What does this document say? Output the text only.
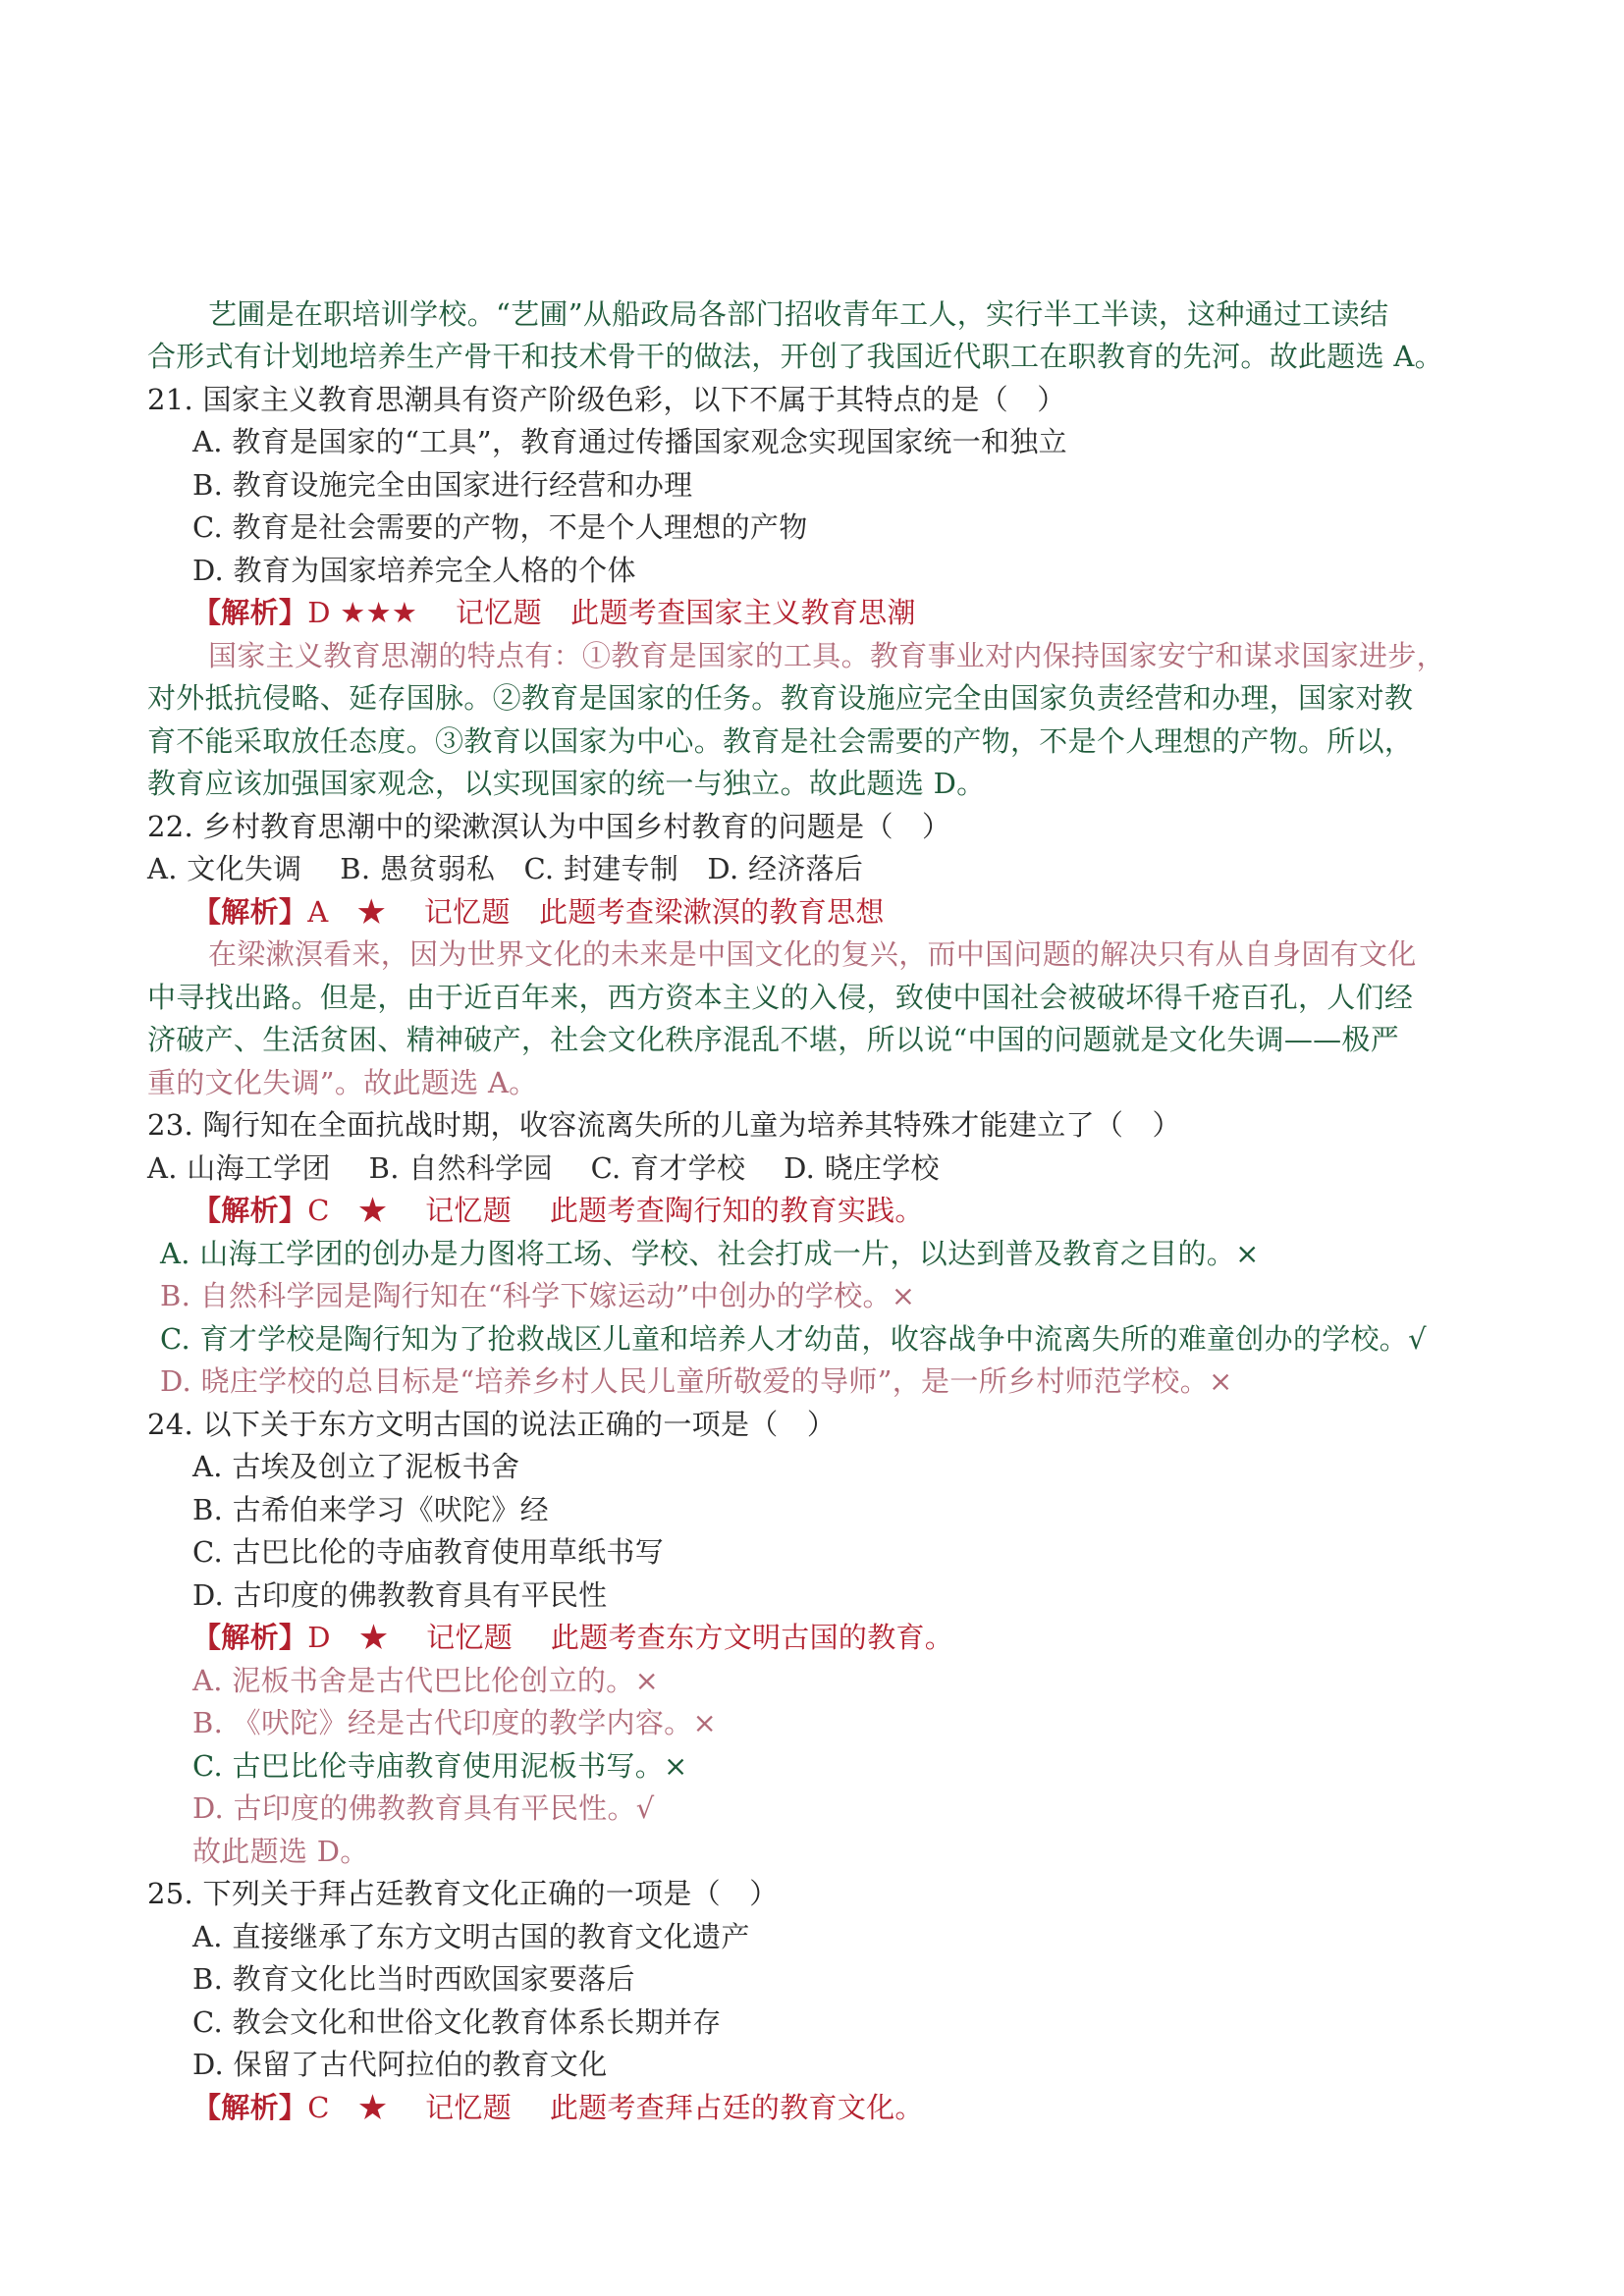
艺圃是在职培训学校。“艺圃”从船政局各部门招收青年工人，实行半工半读，这种通过工读结
合形式有计划地培养生产骨干和技术骨干的做法，开创了我国近代职工在职教育的先河。故此题选 A。
21. 国家主义教育思潮具有资产阶级色彩，以下不属于其特点的是（　）
A. 教育是国家的“工具”，教育通过传播国家观念实现国家统一和独立
B. 教育设施完全由国家进行经营和办理
C. 教育是社会需要的产物，不是个人理想的产物
D. 教育为国家培养完全人格的个体
【解析】D ★★★　 记忆题　此题考查国家主义教育思潮
国家主义教育思潮的特点有：①教育是国家的工具。教育事业对内保持国家安宁和谋求国家进步，
对外抵抗侵略、延存国脉。②教育是国家的任务。教育设施应完全由国家负责经营和办理，国家对教
育不能采取放任态度。③教育以国家为中心。教育是社会需要的产物，不是个人理想的产物。所以，
教育应该加强国家观念，以实现国家的统一与独立。故此题选 D。
22. 乡村教育思潮中的梁漱溟认为中国乡村教育的问题是（　）
A. 文化失调　 B. 愚贫弱私　C. 封建专制　D. 经济落后
【解析】A　★　 记忆题　此题考查梁漱溟的教育思想
在梁漱溟看来，因为世界文化的未来是中国文化的复兴，而中国问题的解决只有从自身固有文化
中寻找出路。但是，由于近百年来，西方资本主义的入侵，致使中国社会被破坏得千疮百孔，人们经
济破产、生活贫困、精神破产，社会文化秩序混乱不堪，所以说“中国的问题就是文化失调——极严
重的文化失调”。故此题选 A。
23. 陶行知在全面抗战时期，收容流离失所的儿童为培养其特殊才能建立了（　）
A. 山海工学团　 B. 自然科学园　 C. 育才学校　 D. 晓庄学校
【解析】C　★　 记忆题　 此题考查陶行知的教育实践。
A. 山海工学团的创办是力图将工场、学校、社会打成一片，以达到普及教育之目的。×
B. 自然科学园是陶行知在“科学下嫁运动”中创办的学校。×
C. 育才学校是陶行知为了抢救战区儿童和培养人才幼苗，收容战争中流离失所的难童创办的学校。√
D. 晓庄学校的总目标是“培养乡村人民儿童所敬爱的导师”，是一所乡村师范学校。×
24. 以下关于东方文明古国的说法正确的一项是（　）
A. 古埃及创立了泥板书舍
B. 古希伯来学习《吠陀》经
C. 古巴比伦的寺庙教育使用草纸书写
D. 古印度的佛教教育具有平民性
【解析】D　★　 记忆题　 此题考查东方文明古国的教育。
A. 泥板书舍是古代巴比伦创立的。×
B. 《吠陀》经是古代印度的教学内容。×
C. 古巴比伦寺庙教育使用泥板书写。×
D. 古印度的佛教教育具有平民性。√
故此题选 D。
25. 下列关于拜占廷教育文化正确的一项是（　）
A. 直接继承了东方文明古国的教育文化遗产
B. 教育文化比当时西欧国家要落后
C. 教会文化和世俗文化教育体系长期并存
D. 保留了古代阿拉伯的教育文化
【解析】C　★　 记忆题　 此题考查拜占廷的教育文化。
